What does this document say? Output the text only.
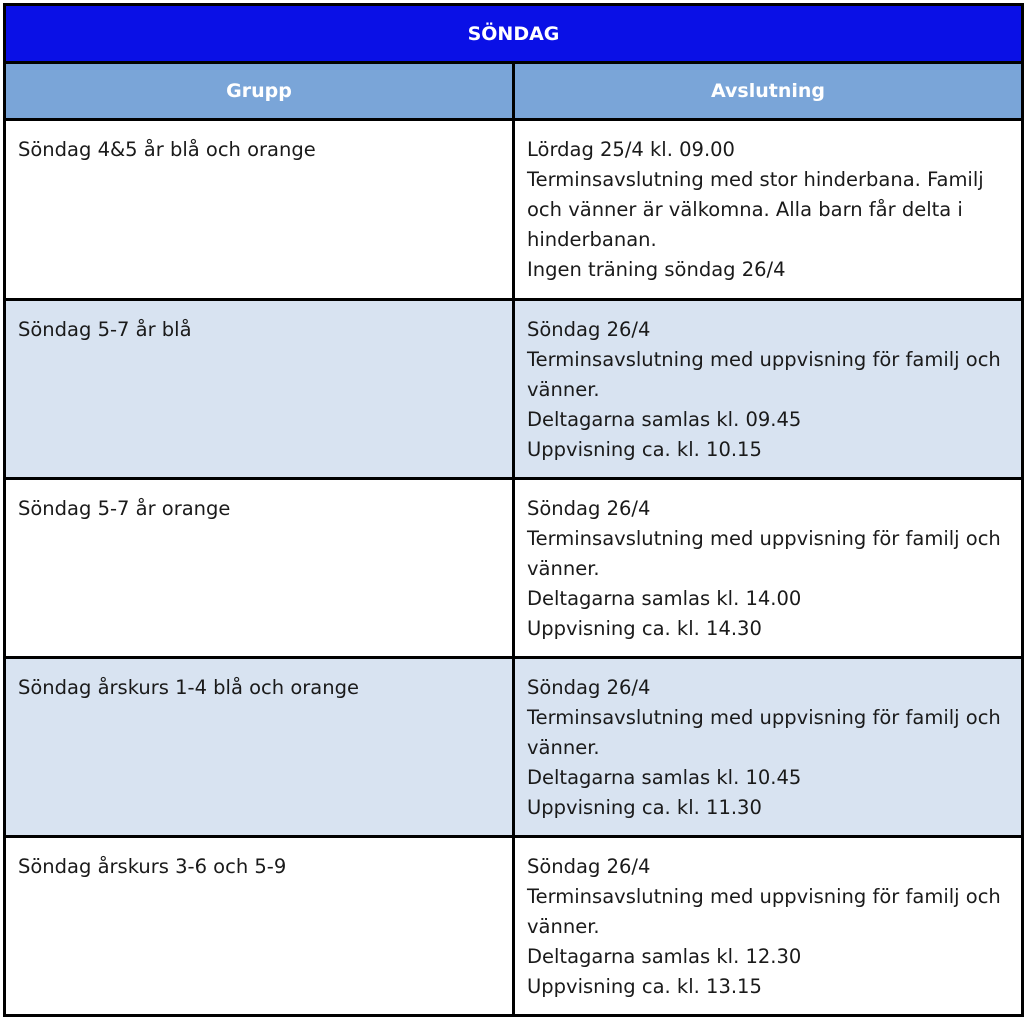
SÖNDAG	
Grupp	Avslutning

Söndag 4&5 år blå och orange	Lördag 25/4 kl. 09.00
Terminsavslutning med stor hinderbana. Familj och vänner är välkomna. Alla barn får delta i hinderbanan.
Ingen träning söndag 26/4

Söndag 5-7 år blå	Söndag 26/4
Terminsavslutning med uppvisning för familj och vänner.
Deltagarna samlas kl. 09.45
Uppvisning ca. kl. 10.15

Söndag 5-7 år orange	Söndag 26/4
Terminsavslutning med uppvisning för familj och vänner.
Deltagarna samlas kl. 14.00
Uppvisning ca. kl. 14.30

Söndag årskurs 1-4 blå och orange	Söndag 26/4
Terminsavslutning med uppvisning för familj och vänner.
Deltagarna samlas kl. 10.45
Uppvisning ca. kl. 11.30

Söndag årskurs 3-6 och 5-9	Söndag 26/4
Terminsavslutning med uppvisning för familj och vänner.
Deltagarna samlas kl. 12.30
Uppvisning ca. kl. 13.15
